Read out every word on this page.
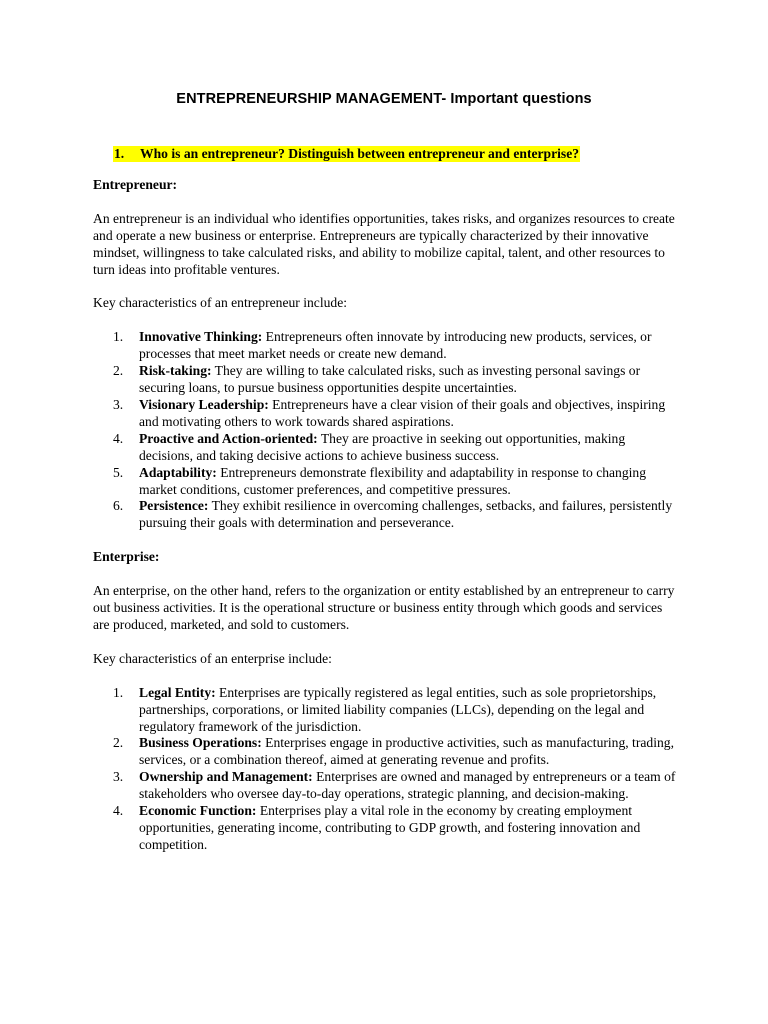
ENTREPRENEURSHIP MANAGEMENT- Important questions
1. Who is an entrepreneur? Distinguish between entrepreneur and enterprise?
Entrepreneur:
An entrepreneur is an individual who identifies opportunities, takes risks, and organizes resources to create and operate a new business or enterprise. Entrepreneurs are typically characterized by their innovative mindset, willingness to take calculated risks, and ability to mobilize capital, talent, and other resources to turn ideas into profitable ventures.
Key characteristics of an entrepreneur include:
1. Innovative Thinking: Entrepreneurs often innovate by introducing new products, services, or processes that meet market needs or create new demand.
2. Risk-taking: They are willing to take calculated risks, such as investing personal savings or securing loans, to pursue business opportunities despite uncertainties.
3. Visionary Leadership: Entrepreneurs have a clear vision of their goals and objectives, inspiring and motivating others to work towards shared aspirations.
4. Proactive and Action-oriented: They are proactive in seeking out opportunities, making decisions, and taking decisive actions to achieve business success.
5. Adaptability: Entrepreneurs demonstrate flexibility and adaptability in response to changing market conditions, customer preferences, and competitive pressures.
6. Persistence: They exhibit resilience in overcoming challenges, setbacks, and failures, persistently pursuing their goals with determination and perseverance.
Enterprise:
An enterprise, on the other hand, refers to the organization or entity established by an entrepreneur to carry out business activities. It is the operational structure or business entity through which goods and services are produced, marketed, and sold to customers.
Key characteristics of an enterprise include:
1. Legal Entity: Enterprises are typically registered as legal entities, such as sole proprietorships, partnerships, corporations, or limited liability companies (LLCs), depending on the legal and regulatory framework of the jurisdiction.
2. Business Operations: Enterprises engage in productive activities, such as manufacturing, trading, services, or a combination thereof, aimed at generating revenue and profits.
3. Ownership and Management: Enterprises are owned and managed by entrepreneurs or a team of stakeholders who oversee day-to-day operations, strategic planning, and decision-making.
4. Economic Function: Enterprises play a vital role in the economy by creating employment opportunities, generating income, contributing to GDP growth, and fostering innovation and competition.
